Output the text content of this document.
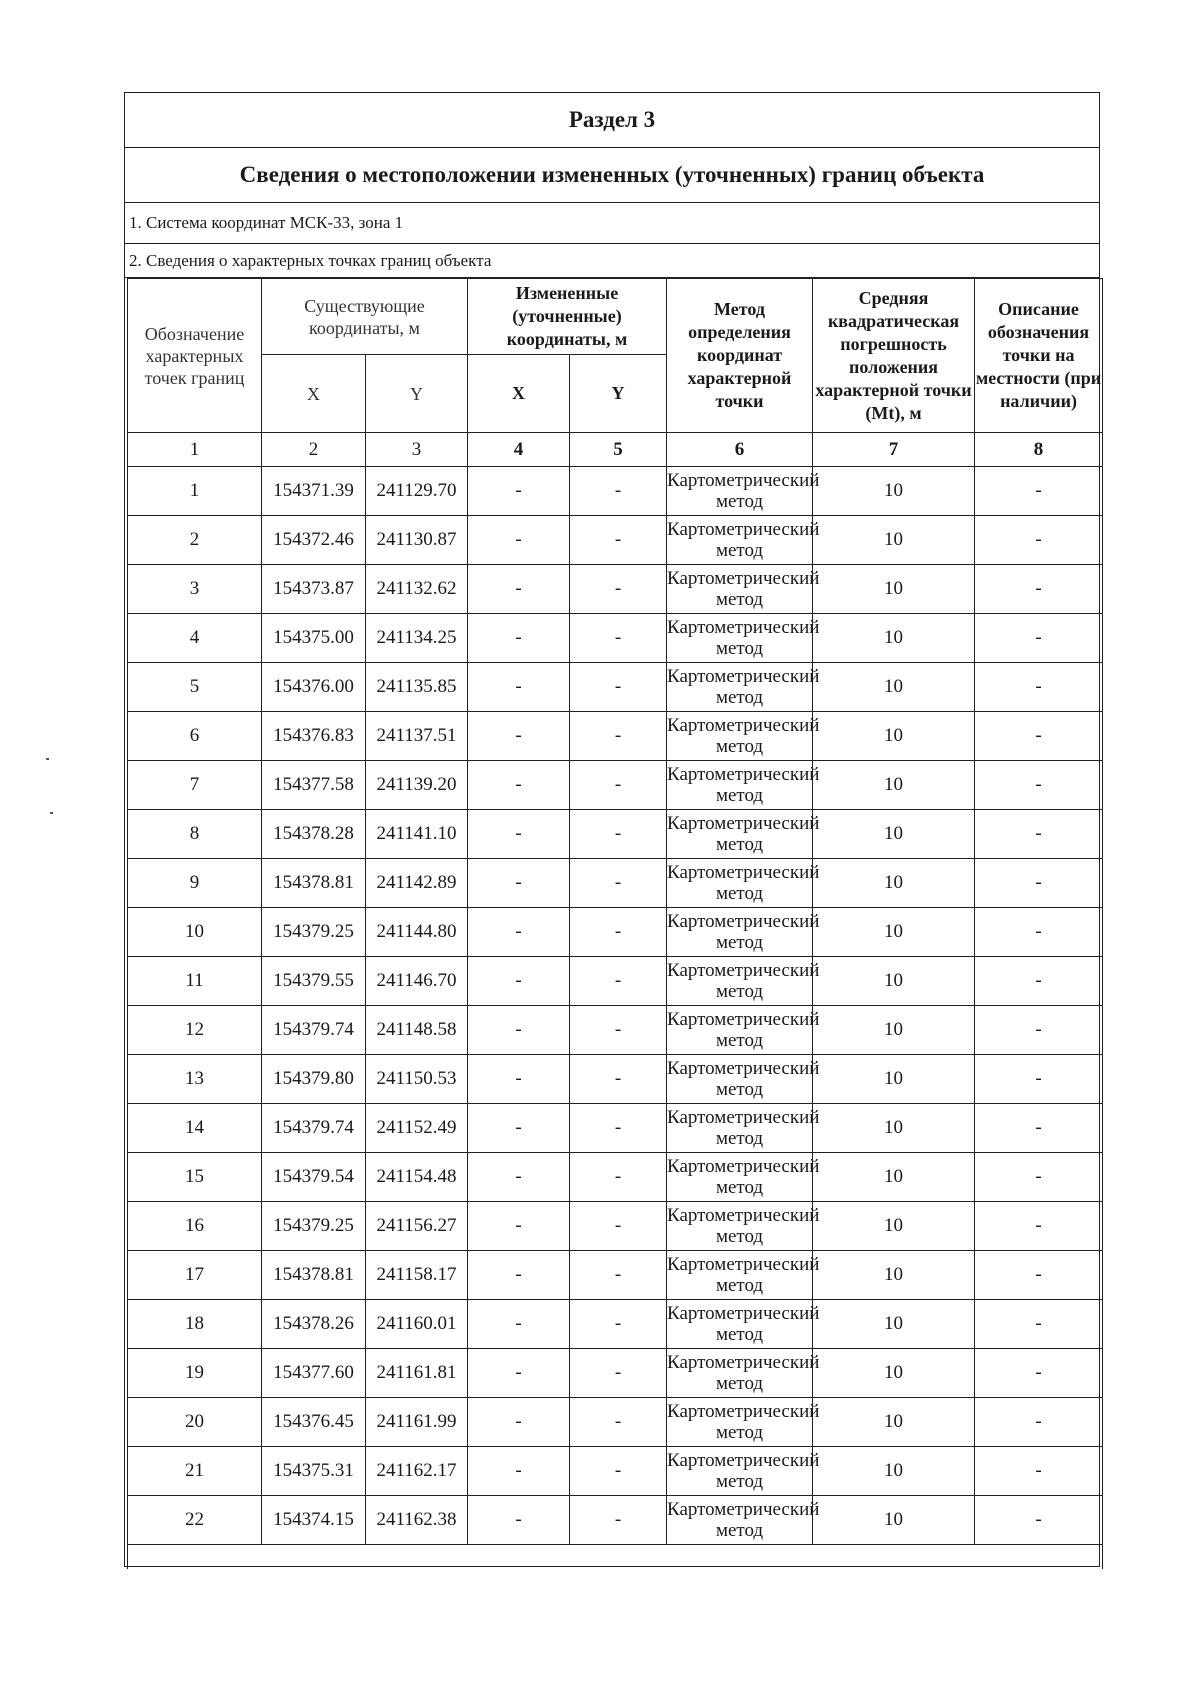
Раздел 3
Сведения о местоположении измененных (уточненных) границ объекта
1. Система координат МСК-33, зона 1
2. Сведения о характерных точках границ объекта
Обозначение характерных точек границ	Существующие координаты, м		Измененные (уточненные) координаты, м		Метод определения координат характерной точки	Средняя квадратическая погрешность положения характерной точки (Mt), м	Описание обозначения точки на местности (при наличии)
	X	Y	X	Y			
1	2	3	4	5	6	7	8
1	154371.39	241129.70	-	-	Картометрический метод	10	-
2	154372.46	241130.87	-	-	Картометрический метод	10	-
3	154373.87	241132.62	-	-	Картометрический метод	10	-
4	154375.00	241134.25	-	-	Картометрический метод	10	-
5	154376.00	241135.85	-	-	Картометрический метод	10	-
6	154376.83	241137.51	-	-	Картометрический метод	10	-
7	154377.58	241139.20	-	-	Картометрический метод	10	-
8	154378.28	241141.10	-	-	Картометрический метод	10	-
9	154378.81	241142.89	-	-	Картометрический метод	10	-
10	154379.25	241144.80	-	-	Картометрический метод	10	-
11	154379.55	241146.70	-	-	Картометрический метод	10	-
12	154379.74	241148.58	-	-	Картометрический метод	10	-
13	154379.80	241150.53	-	-	Картометрический метод	10	-
14	154379.74	241152.49	-	-	Картометрический метод	10	-
15	154379.54	241154.48	-	-	Картометрический метод	10	-
16	154379.25	241156.27	-	-	Картометрический метод	10	-
17	154378.81	241158.17	-	-	Картометрический метод	10	-
18	154378.26	241160.01	-	-	Картометрический метод	10	-
19	154377.60	241161.81	-	-	Картометрический метод	10	-
20	154376.45	241161.99	-	-	Картометрический метод	10	-
21	154375.31	241162.17	-	-	Картометрический метод	10	-
22	154374.15	241162.38	-	-	Картометрический метод	10	-
